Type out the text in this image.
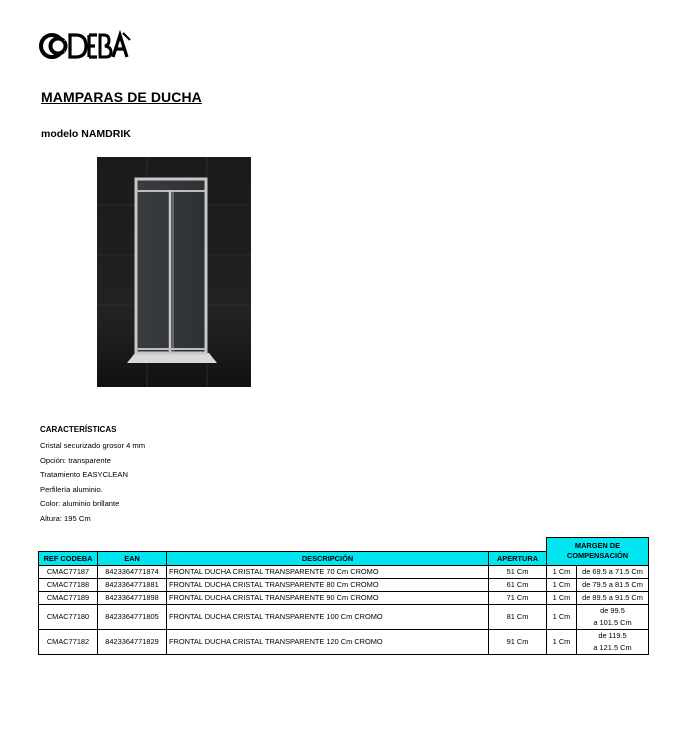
MAMPARAS DE DUCHA
modelo NAMDRIK
CARACTERÍSTICAS
Cristal securizado grosor 4 mm
Opción: transparente
Tratamiento EASYCLEAN
Perfilería aluminio.
Color: aluminio brillante
Altura: 195 Cm
				MARGEN DE COMPENSACIÓN	
REF CODEBA	EAN	DESCRIPCIÓN	APERTURA		
CMAC77187	8423364771874	FRONTAL DUCHA CRISTAL TRANSPARENTE 70 Cm CROMO	51 Cm	1 Cm	de 69.5 a 71.5 Cm
CMAC77188	8423364771881	FRONTAL DUCHA CRISTAL TRANSPARENTE 80 Cm CROMO	61 Cm	1 Cm	de 79.5 a 81.5 Cm
CMAC77189	8423364771898	FRONTAL DUCHA CRISTAL TRANSPARENTE 90 Cm CROMO	71 Cm	1 Cm	de 89.5 a 91.5 Cm
CMAC77180	8423364771805	FRONTAL DUCHA CRISTAL TRANSPARENTE 100 Cm CROMO	81 Cm	1 Cm	de 99.5
a 101.5 Cm

CMAC77182	8423364771829	FRONTAL DUCHA CRISTAL TRANSPARENTE 120 Cm CROMO	91 Cm	1 Cm	de 119.5
a 121.5 Cm
